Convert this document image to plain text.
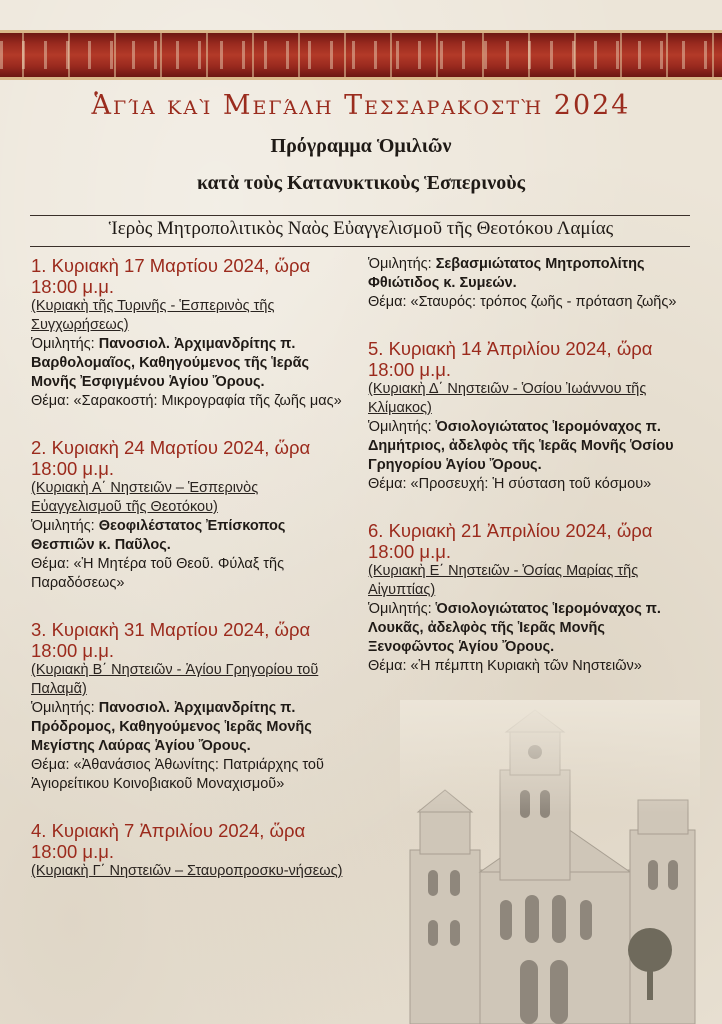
Ἁγία καὶ Μεγάλη Τεσσαρακοστὴ 2024
Πρόγραμμα Ὁμιλιῶν
κατὰ τοὺς Κατανυκτικοὺς Ἑσπερινοὺς
Ἱερὸς Μητροπολιτικὸς Ναὸς Εὐαγγελισμοῦ τῆς Θεοτόκου Λαμίας
1. Κυριακὴ 17 Μαρτίου 2024, ὥρα 18:00 μ.μ.
(Κυριακὴ τῆς Τυρινῆς - Ἑσπερινὸς τῆς Συγχωρήσεως)
Ὁμιλητής: Πανοσιολ. Ἀρχιμανδρίτης π. Βαρθολομαῖος, Καθηγούμενος τῆς Ἱερᾶς Μονῆς Ἐσφιγμένου Ἁγίου Ὄρους.
Θέμα: «Σαρακοστή: Μικρογραφία τῆς ζωῆς μας»
2. Κυριακὴ 24 Μαρτίου 2024, ὥρα 18:00 μ.μ.
(Κυριακὴ Α΄ Νηστειῶν – Ἑσπερινὸς Εὐαγγελισμοῦ τῆς Θεοτόκου)
Ὁμιλητής: Θεοφιλέστατος Ἐπίσκοπος Θεσπιῶν κ. Παῦλος.
Θέμα: «Ἡ Μητέρα τοῦ Θεοῦ. Φύλαξ τῆς Παραδόσεως»
3. Κυριακὴ 31 Μαρτίου 2024, ὥρα 18:00 μ.μ.
(Κυριακὴ Β΄ Νηστειῶν - Ἁγίου Γρηγορίου τοῦ Παλαμᾶ)
Ὁμιλητής: Πανοσιολ. Ἀρχιμανδρίτης π. Πρόδρομος, Καθηγούμενος Ἱερᾶς Μονῆς Μεγίστης Λαύρας Ἁγίου Ὄρους.
Θέμα: «Ἀθανάσιος Ἀθωνίτης: Πατριάρχης τοῦ Ἁγιορείτικου Κοινοβιακοῦ Μοναχισμοῦ»
4. Κυριακὴ 7 Ἀπριλίου 2024, ὥρα 18:00 μ.μ.
(Κυριακὴ Γ΄ Νηστειῶν – Σταυροπροσκυ-νήσεως)
Ὁμιλητής: Σεβασμιώτατος Μητροπολίτης Φθιώτιδος κ. Συμεών.
Θέμα: «Σταυρός: τρόπος ζωῆς - πρόταση ζωῆς»
5. Κυριακὴ 14 Ἀπριλίου 2024, ὥρα 18:00 μ.μ.
(Κυριακὴ Δ΄ Νηστειῶν - Ὁσίου Ἰωάννου τῆς Κλίμακος)
Ὁμιλητής: Ὁσιολογιώτατος Ἱερομόναχος π. Δημήτριος, ἀδελφὸς τῆς Ἱερᾶς Μονῆς Ὁσίου Γρηγορίου Ἁγίου Ὄρους.
Θέμα: «Προσευχή: Ἡ σύσταση τοῦ κόσμου»
6. Κυριακὴ 21 Ἀπριλίου 2024, ὥρα 18:00 μ.μ.
(Κυριακὴ Ε΄ Νηστειῶν - Ὁσίας Μαρίας τῆς Αἰγυπτίας)
Ὁμιλητής: Ὁσιολογιώτατος Ἱερομόναχος π. Λουκᾶς, ἀδελφὸς τῆς Ἱερᾶς Μονῆς Ξενοφῶντος Ἁγίου Ὄρους.
Θέμα: «Ἡ πέμπτη Κυριακὴ τῶν Νηστειῶν»
